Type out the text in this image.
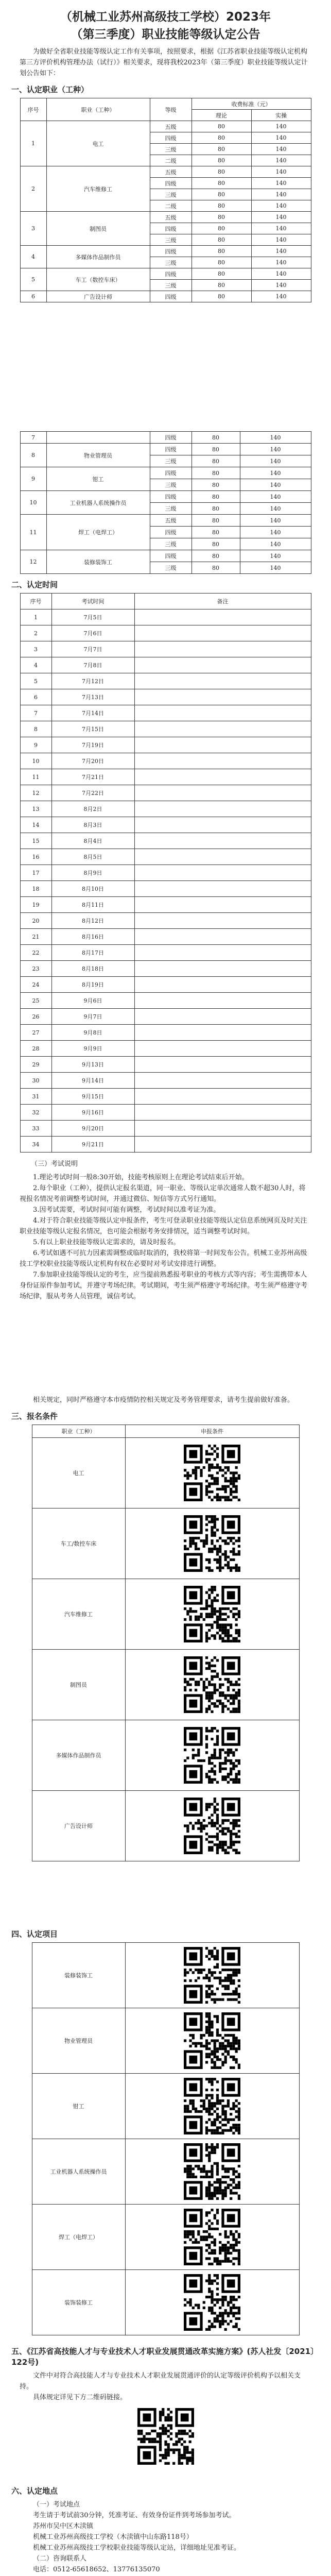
（机械工业苏州高级技工学校）2023年
（第三季度）职业技能等级认定公告

为做好全省职业技能等级认定工作有关事项，按照要求，根据《江苏省职业技能等级认定机构第三方评价机构管理办法（试行）》相关要求，现将我校2023年（第三季度）职业技能等级认定计划公告如下：

一、认定职业（工种）
序号	职业（工种）	等级	收费标准（元）	
			理论	实操
1	电工	五级	80	140
		四级	80	140
		三级	80	140
		二级	80	140
2	汽车维修工	五级	80	140
		四级	80	140
		三级	80	140
		二级	80	140
3	制图员	五级	80	140
		四级	80	140
		三级	80	140
4	多媒体作品制作员	四级	80	140
		三级	80	140
5	车工（数控车床）	四级	80	140
		三级	80	140
6	广告设计师	四级	80	140
7		四级	80	140
8	物业管理员	四级	80	140
		三级	80	140
9	钳工	四级	80	140
		三级	80	140
10	工业机器人系统操作员	四级	80	140
		三级	80	140
11	焊工（电焊工）	五级	80	140
		四级	80	140
		三级	80	140
12	装修装饰工	四级	80	140
		三级	80	140
二、认定时间
序号	考试时间	备注
1	7月5日	
2	7月6日	
3	7月7日	
4	7月8日	
5	7月12日	
6	7月13日	
7	7月14日	
8	7月15日	
9	7月19日	
10	7月20日	
11	7月21日	
12	7月22日	
13	8月2日	
14	8月3日	
15	8月4日	
16	8月5日	
17	8月9日	
18	8月10日	
19	8月11日	
20	8月12日	
21	8月16日	
22	8月17日	
23	8月18日	
24	8月19日	
25	9月6日	
26	9月7日	
27	9月8日	
28	9月9日	
29	9月13日	
30	9月14日	
31	9月15日	
32	9月16日	
33	9月20日	
34	9月21日	
（三）考试说明

1.理论考试时间一般8:30开始，技能考核原则上在理论考试结束后开始。

2.每个职业（工种），提供认定报名渠道，同一职业、等级认定单次通常人数不超30人时，将视报名情况考前调整考试时间，并通过微信、短信等方式另行通知。

3.因考试需要，考试时间可能有调整，考试时间以准考证为准。

4.对于符合职业技能等级认定申报条件，考生可登录职业技能等级认定信息系统网页及时关注职业技能等级认定报名情况，也可能会根据考务安排情况，适当调整考试时间。

5.有以上职业技能等级认定需求的，请及时报名。

6.考试如遇不可抗力因素需调整或临时取消的，我校将第一时间发布公告。机械工业苏州高级技工学校职业技能等级认定机构有权在必要时对考试安排进行调整。

7.参加职业技能等级认定的考生，应当提前熟悉报考职业的考核方式等内容；考生需携带本人身份证原件参加考试，并遵守考场纪律。考试期间，考生须严格遵守考场纪律。考生须严格遵守考场纪律，服从考务人员管理，诚信考试。

相关规定，同时严格遵守本市疫情防控相关规定及考务管理要求，请考生提前做好准备。

三、报名条件
职业（工种）	申报条件
电工	

车工/数控车床	

汽车维修工	

制图员	

多媒体作品制作员	

广告设计师	
四、认定项目
装修装饰工	

物业管理员	

钳工	

工业机器人系统操作员	

焊工（电焊工）	

装饰装修工	
五、《江苏省高技能人才与专业技术人才职业发展贯通改革实施方案》(苏人社发〔2021〕122号)

文件中对符合高技能人才与专业技术人才职业发展贯通评价的认定等级评价机构予以相关支持。

具体规定详见下方二维码链接。

六、认定地点

（一）考试地点

考生请于考试前30分钟，凭准考证、有效身份证件到考场参加考试。

苏州市吴中区木渎镇

机械工业苏州高级技工学校（木渎镇中山东路118号）

机械工业苏州高级技工学校职业技能等级认定站，详细地址见准考证。

（二）咨询联系人

电话：0512-65618652、13776135070
